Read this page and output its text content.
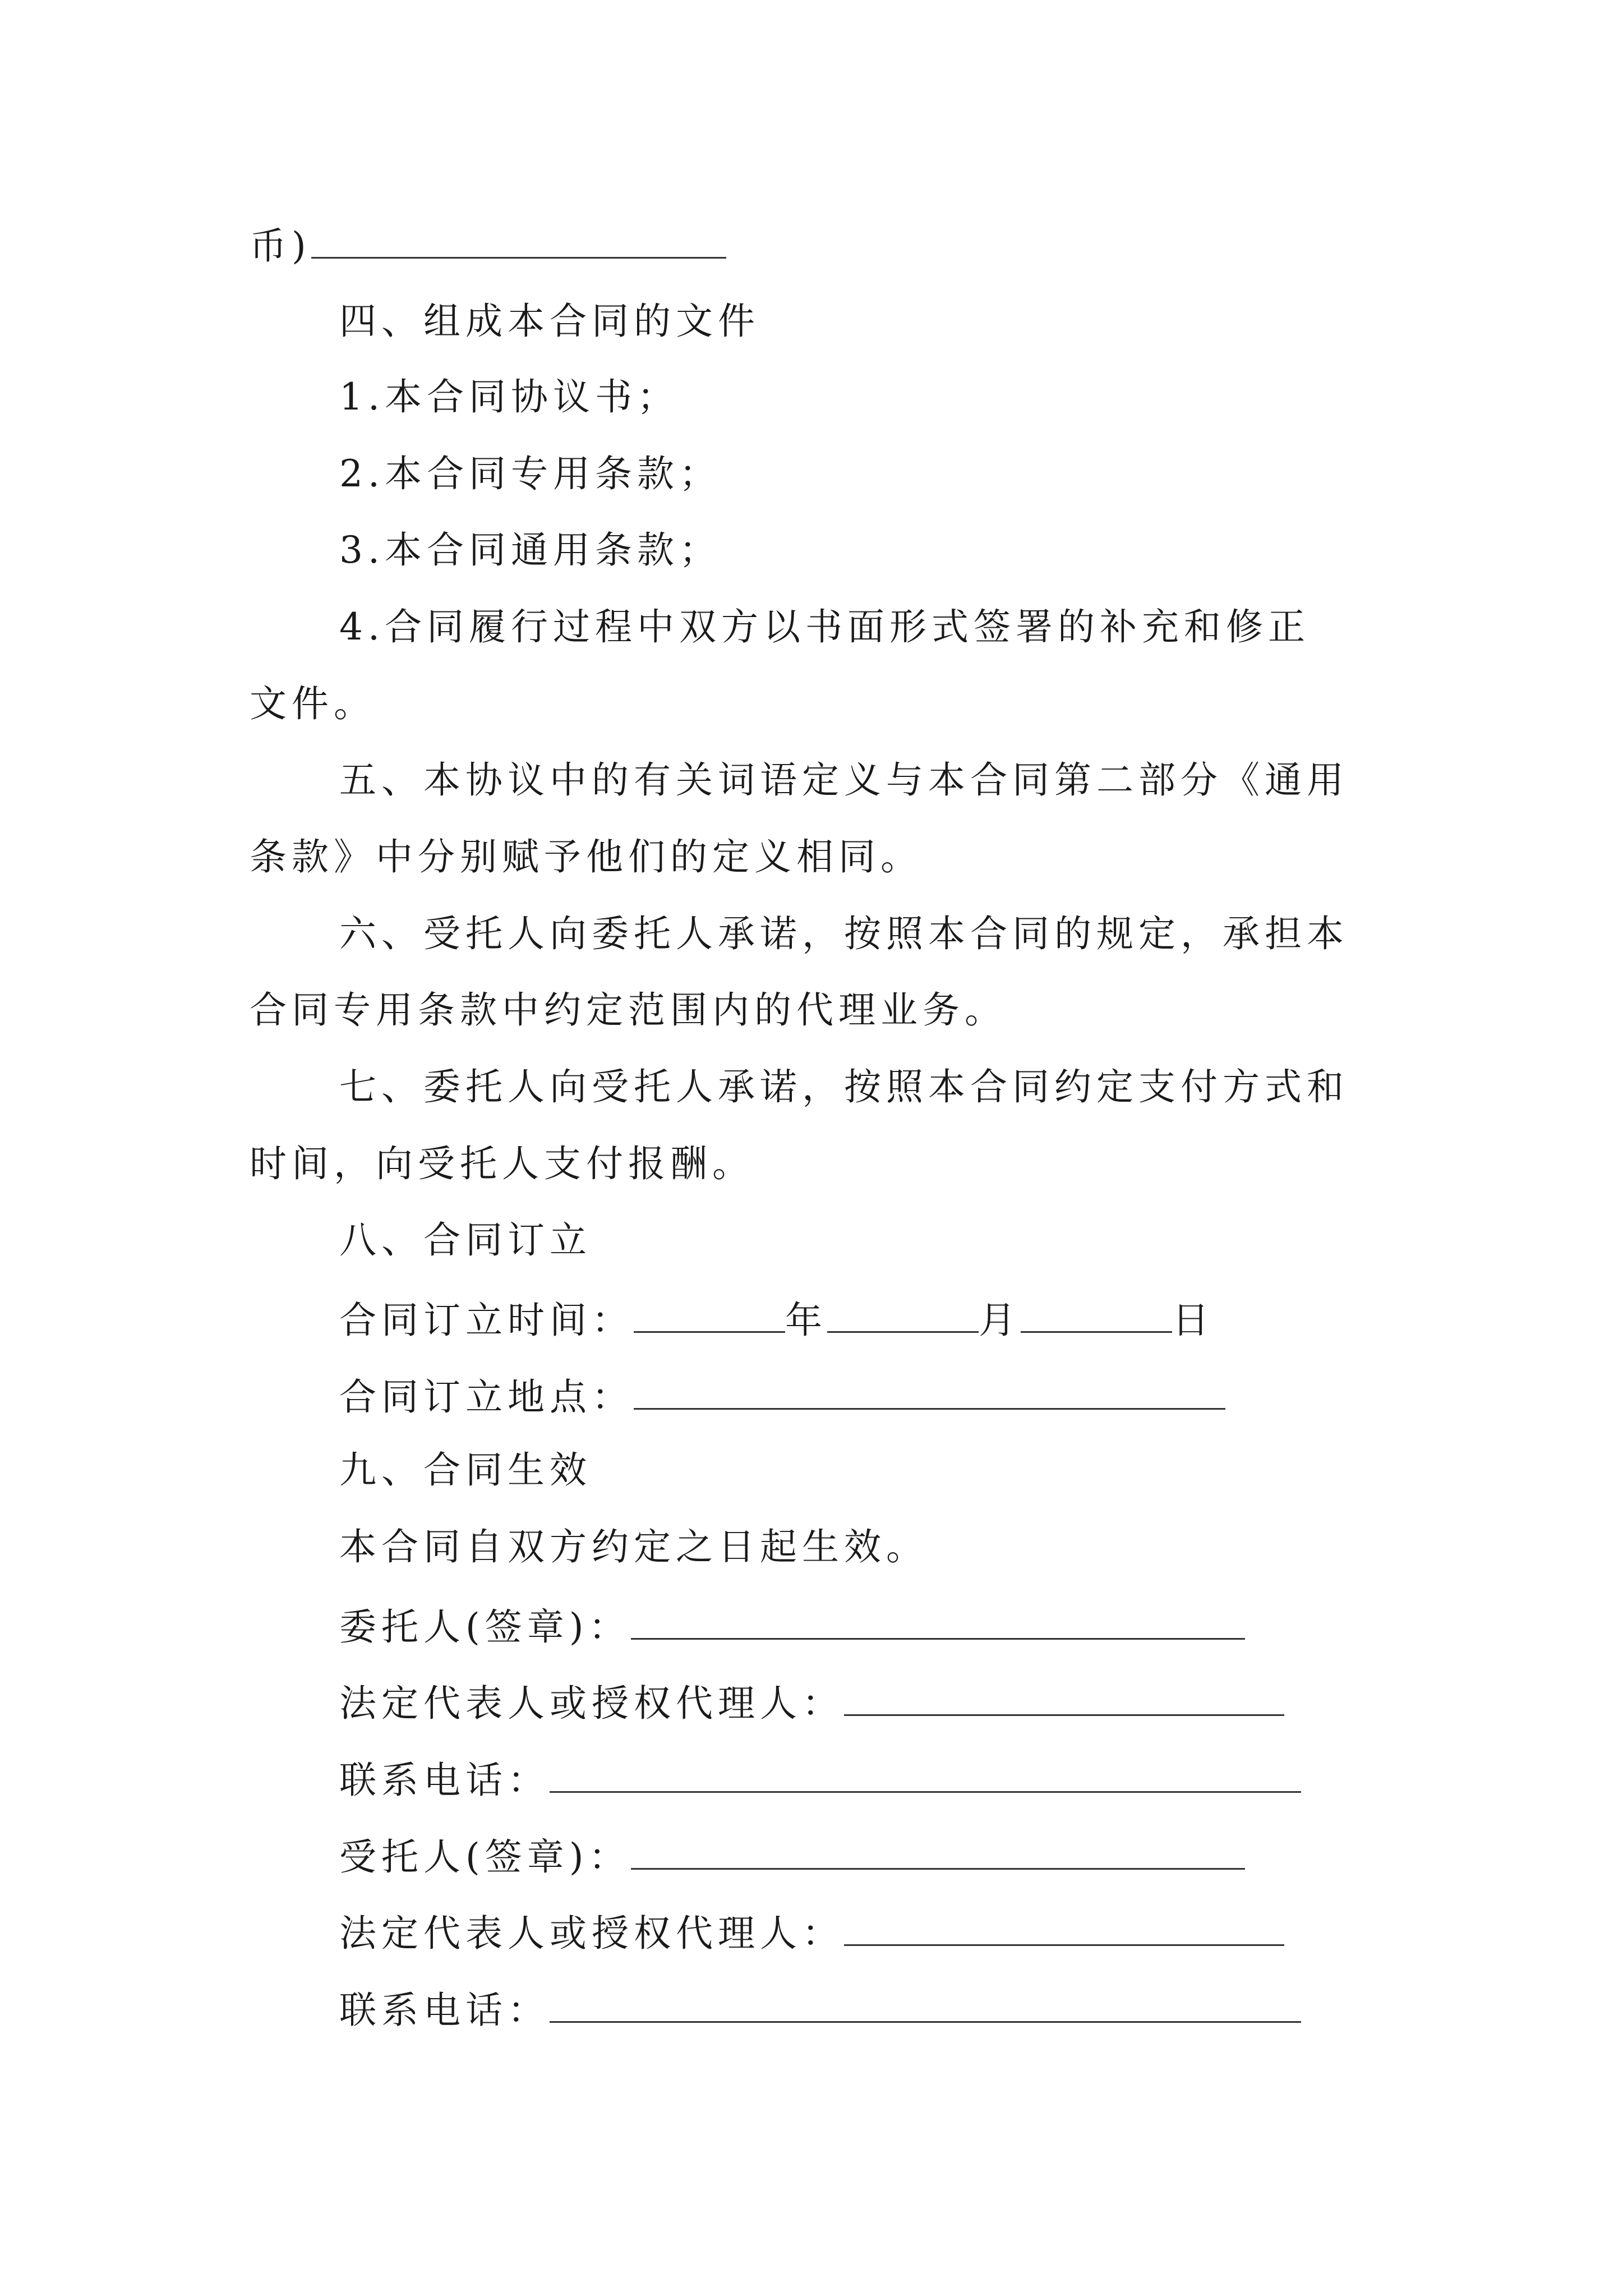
币)
四、组成本合同的文件
1.本合同协议书；
2.本合同专用条款；
3.本合同通用条款；
4.合同履行过程中双方以书面形式签署的补充和修正
文件。
五、本协议中的有关词语定义与本合同第二部分《通用
条款》中分别赋予他们的定义相同。
六、受托人向委托人承诺，按照本合同的规定，承担本
合同专用条款中约定范围内的代理业务。
七、委托人向受托人承诺，按照本合同约定支付方式和
时间，向受托人支付报酬。
八、合同订立
合同订立时间：	年	月	日
合同订立地点：
九、合同生效
本合同自双方约定之日起生效。
委托人(签章)：
法定代表人或授权代理人：
联系电话：
受托人(签章)：
法定代表人或授权代理人：
联系电话：
